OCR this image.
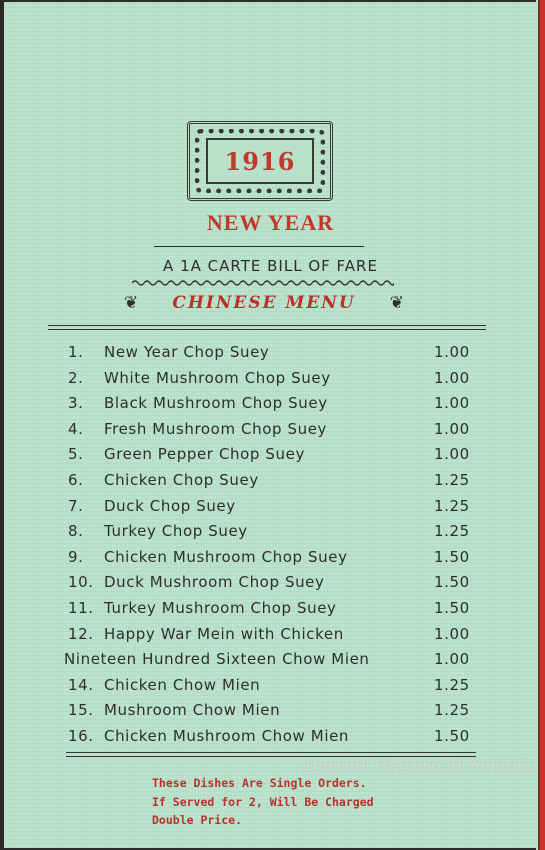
1916
NEW YEAR
A 1A CARTE BILL OF FARE
❦ CHINESE MENU ❦
1. New Year Chop Suey	1.00
2. White Mushroom Chop Suey	1.00
3. Black Mushroom Chop Suey	1.00
4. Fresh Mushroom Chop Suey	1.00
5. Green Pepper Chop Suey	1.00
6. Chicken Chop Suey	1.25
7. Duck Chop Suey	1.25
8. Turkey Chop Suey	1.25
9. Chicken Mushroom Chop Suey	1.50
10. Duck Mushroom Chop Suey	1.50
11. Turkey Mushroom Chop Suey	1.50
12. Happy War Mein with Chicken	1.00
Nineteen Hundred Sixteen Chow Mien	1.00
14. Chicken Chow Mien	1.25
15. Mushroom Chow Mien	1.25
16. Chicken Mushroom Chow Mien	1.50
These Dishes Are Single Orders.
If Served for 2, Will Be Charged
Double Price.
Detroit Historical Society
